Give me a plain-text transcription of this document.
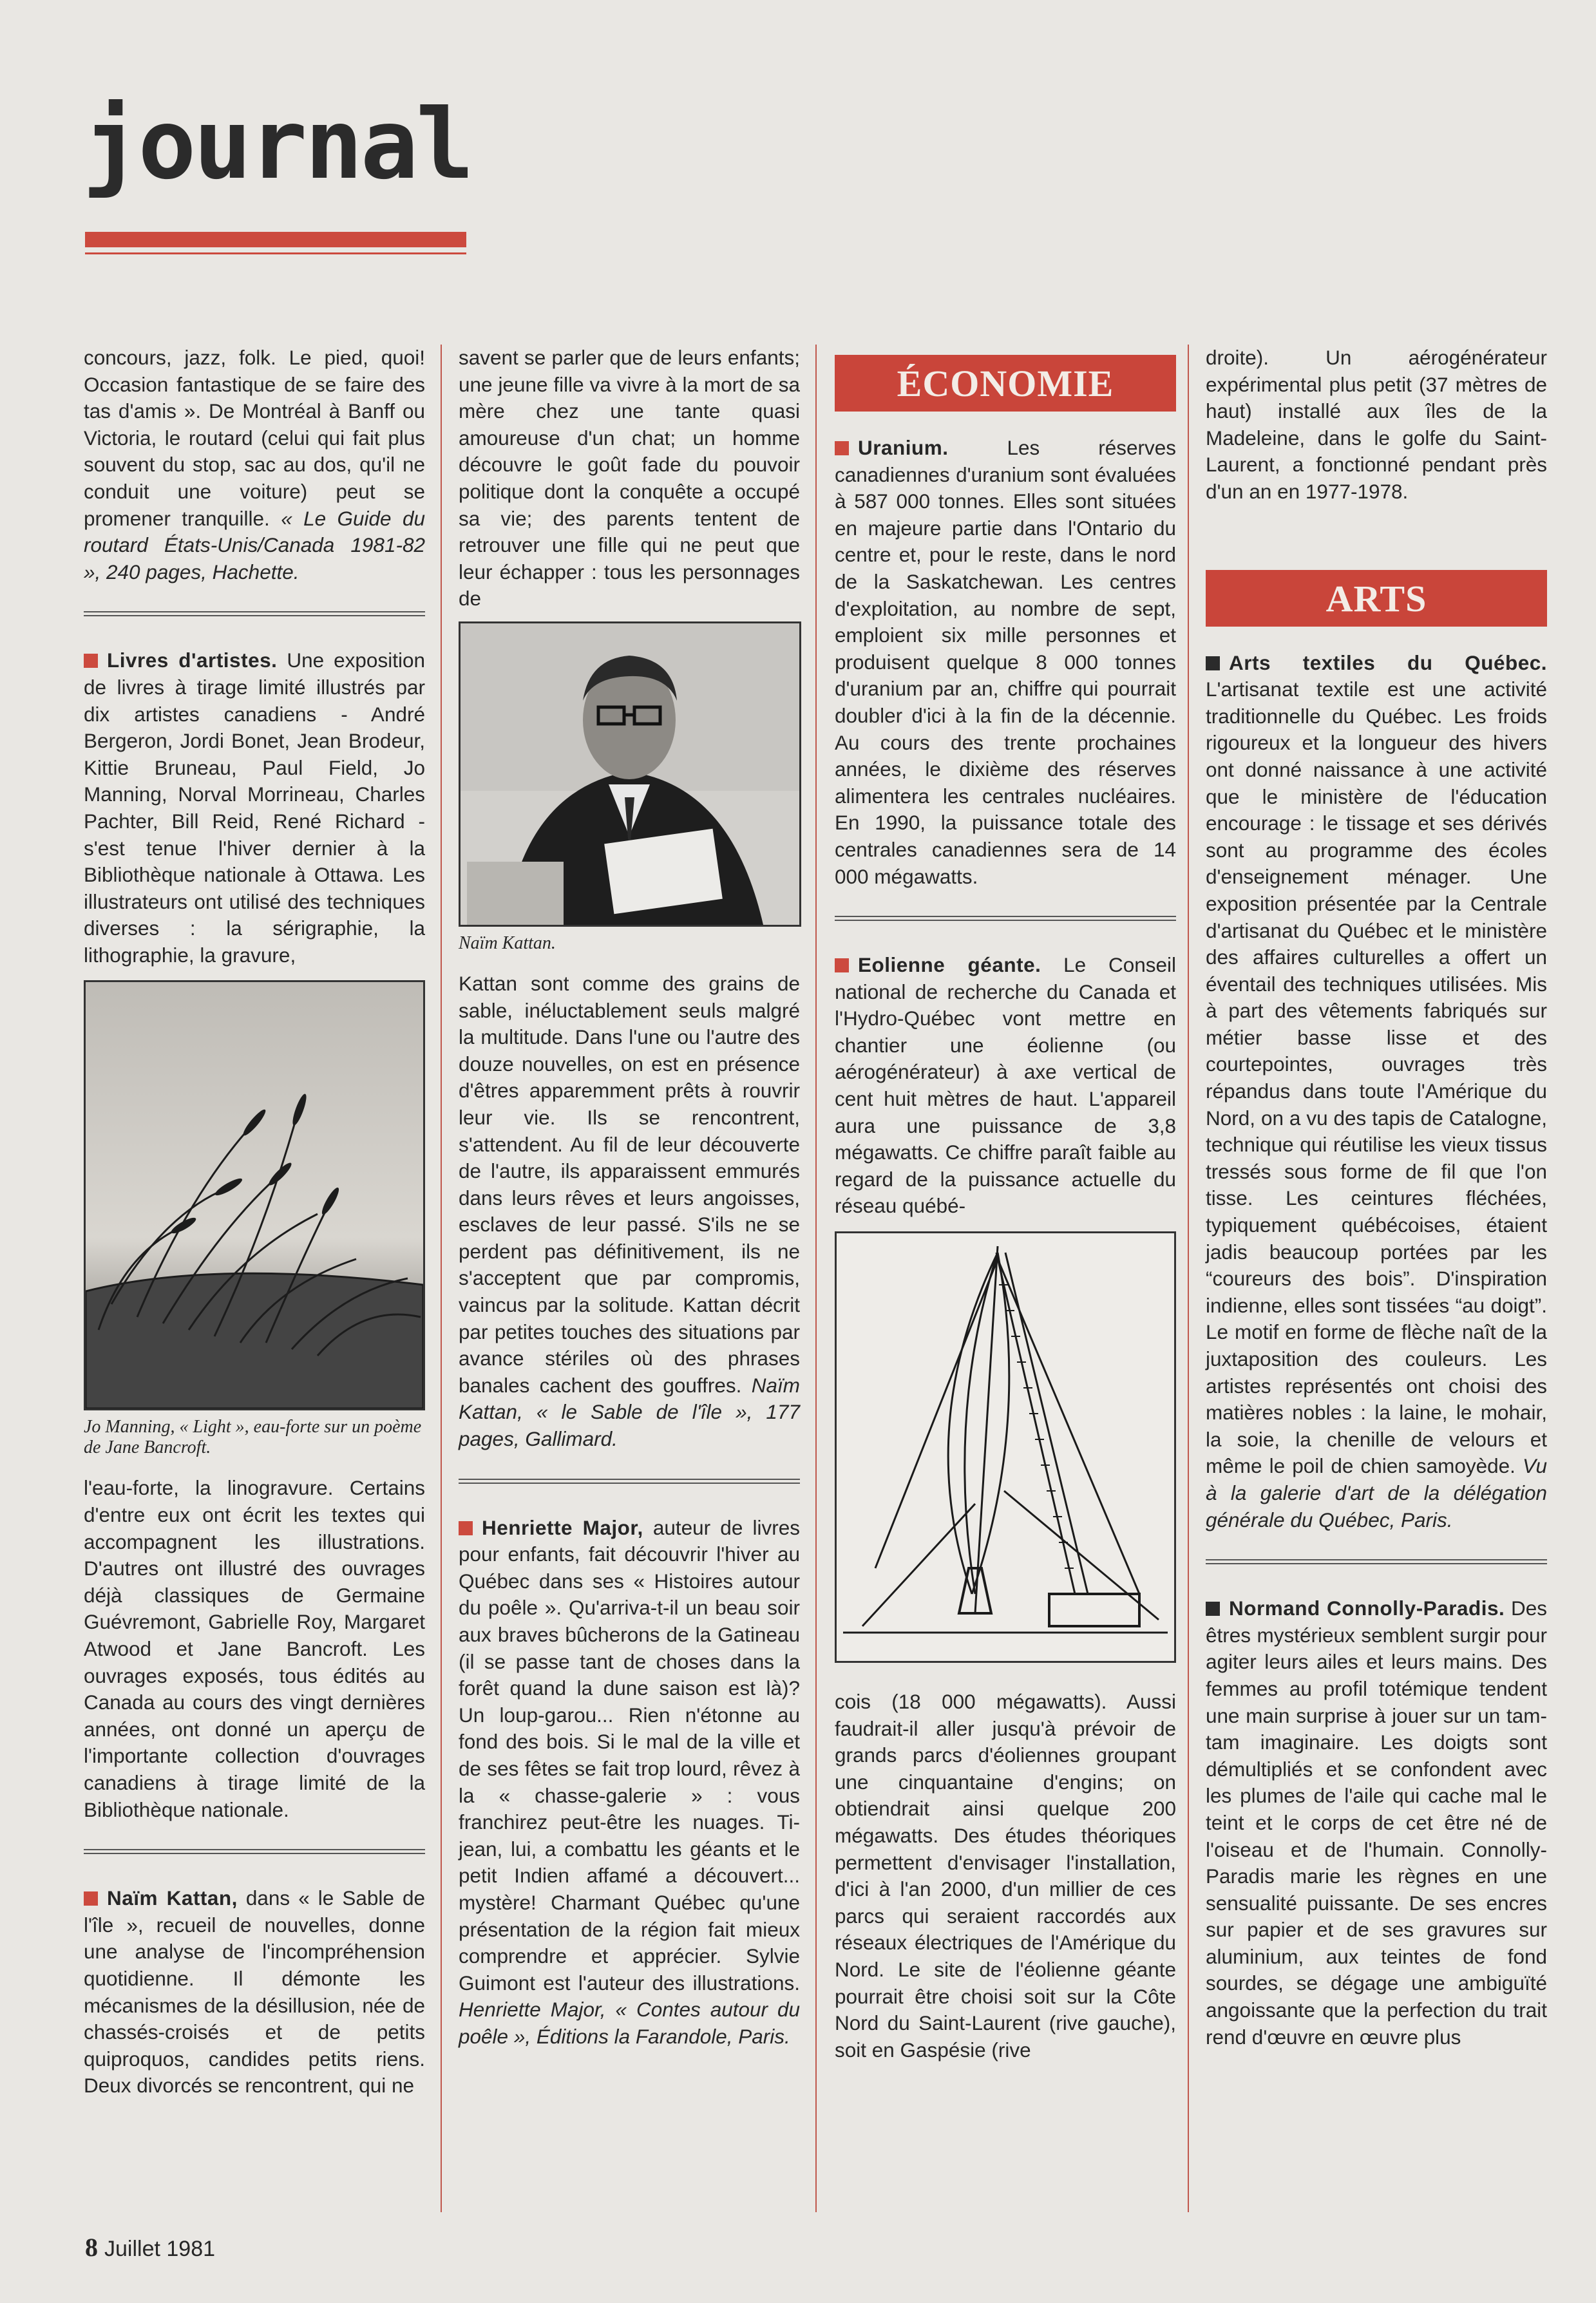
journal

concours, jazz, folk. Le pied, quoi! Occasion fantastique de se faire des tas d'amis ». De Montréal à Banff ou Victoria, le routard (celui qui fait plus souvent du stop, sac au dos, qu'il ne conduit une voiture) peut se promener tranquille. « Le Guide du routard États-Unis/Canada 1981-82 », 240 pages, Hachette.

Livres d'artistes. Une exposition de livres à tirage limité illustrés par dix artistes canadiens - André Bergeron, Jordi Bonet, Jean Brodeur, Kittie Bruneau, Paul Field, Jo Manning, Norval Morrineau, Charles Pachter, Bill Reid, René Richard - s'est tenue l'hiver dernier à la Bibliothèque nationale à Ottawa. Les illustrateurs ont utilisé des techniques diverses : la sérigraphie, la lithographie, la gravure,

Jo Manning, « Light », eau-forte sur un poème de Jane Bancroft.

l'eau-forte, la linogravure. Certains d'entre eux ont écrit les textes qui accompagnent les illustrations. D'autres ont illustré des ouvrages déjà classiques de Germaine Guévremont, Gabrielle Roy, Margaret Atwood et Jane Bancroft. Les ouvrages exposés, tous édités au Canada au cours des vingt dernières années, ont donné un aperçu de l'importante collection d'ouvrages canadiens à tirage limité de la Bibliothèque nationale.

Naïm Kattan, dans « le Sable de l'île », recueil de nouvelles, donne une analyse de l'incompréhension quotidienne. Il démonte les mécanismes de la désillusion, née de chassés-croisés et de petits quiproquos, candides petits riens. Deux divorcés se rencontrent, qui ne

savent se parler que de leurs enfants; une jeune fille va vivre à la mort de sa mère chez une tante quasi amoureuse d'un chat; un homme découvre le goût fade du pouvoir politique dont la conquête a occupé sa vie; des parents tentent de retrouver une fille qui ne peut que leur échapper : tous les personnages de

Naïm Kattan.

Kattan sont comme des grains de sable, inéluctablement seuls malgré la multitude. Dans l'une ou l'autre des douze nouvelles, on est en présence d'êtres apparemment prêts à rouvrir leur vie. Ils se rencontrent, s'attendent. Au fil de leur découverte de l'autre, ils apparaissent emmurés dans leurs rêves et leurs angoisses, esclaves de leur passé. S'ils ne se perdent pas définitivement, ils ne s'acceptent que par compromis, vaincus par la solitude. Kattan décrit par petites touches des situations par avance stériles où des phrases banales cachent des gouffres. Naïm Kattan, « le Sable de l'île », 177 pages, Gallimard.

Henriette Major, auteur de livres pour enfants, fait découvrir l'hiver au Québec dans ses « Histoires autour du poêle ». Qu'arriva-t-il un beau soir aux braves bûcherons de la Gatineau (il se passe tant de choses dans la forêt quand la dune saison est là)? Un loup-garou... Rien n'étonne au fond des bois. Si le mal de la ville et de ses fêtes se fait trop lourd, rêvez à la « chasse-galerie » : vous franchirez peut-être les nuages. Ti-jean, lui, a combattu les géants et le petit Indien affamé a découvert... mystère! Charmant Québec qu'une présentation de la région fait mieux comprendre et apprécier. Sylvie Guimont est l'auteur des illustrations. Henriette Major, « Contes autour du poêle », Éditions la Farandole, Paris.

ÉCONOMIE

Uranium.	Les réserves canadiennes d'uranium sont évaluées à 587 000 tonnes. Elles sont situées en majeure partie dans l'Ontario du centre et, pour le reste, dans le nord de la Saskatchewan. Les centres d'exploitation, au nombre de sept, emploient six mille personnes et produisent quelque 8 000 tonnes d'uranium par an, chiffre qui pourrait doubler d'ici à la fin de la décennie. Au cours des trente prochaines années, le dixième des réserves alimentera les centrales nucléaires. En 1990, la puissance totale des centrales canadiennes sera de 14 000 mégawatts.

Eolienne géante. Le Conseil national de recherche du Canada et l'Hydro-Québec vont mettre en chantier une éolienne (ou aérogénérateur) à axe vertical de cent huit mètres de haut. L'appareil aura une puissance de 3,8 mégawatts. Ce chiffre paraît faible au regard de la puissance actuelle du réseau québé-

cois (18 000 mégawatts). Aussi faudrait-il aller jusqu'à prévoir de grands parcs d'éoliennes groupant une cinquantaine d'engins; on obtiendrait ainsi quelque 200 mégawatts. Des études théoriques permettent d'envisager l'installation, d'ici à l'an 2000, d'un millier de ces parcs qui seraient raccordés aux réseaux électriques de l'Amérique du Nord. Le site de l'éolienne géante pourrait être choisi soit sur la Côte Nord du Saint-Laurent (rive gauche), soit en Gaspésie (rive

droite). Un aérogénérateur expérimental plus petit (37 mètres de haut) installé aux îles de la Madeleine, dans le golfe du Saint-Laurent, a fonctionné pendant près d'un an en 1977-1978.

ARTS

Arts textiles du Québec. L'artisanat textile est une activité traditionnelle du Québec. Les froids rigoureux et la longueur des hivers ont donné naissance à une activité que le ministère de l'éducation encourage : le tissage et ses dérivés sont au programme des écoles d'enseignement ménager. Une exposition présentée par la Centrale d'artisanat du Québec et le ministère des affaires culturelles a offert un éventail des techniques utilisées. Mis à part des vêtements fabriqués sur métier basse lisse et des courtepointes, ouvrages très répandus dans toute l'Amérique du Nord, on a vu des tapis de Catalogne, technique qui réutilise les vieux tissus tressés sous forme de fil que l'on tisse. Les ceintures fléchées, typiquement québécoises, étaient jadis beaucoup portées par les “coureurs des bois”. D'inspiration indienne, elles sont tissées “au doigt”. Le motif en forme de flèche naît de la juxtaposition des couleurs. Les artistes représentés ont choisi des matières nobles : la laine, le mohair, la soie, la chenille de velours et même le poil de chien samoyède. Vu à la galerie d'art de la délégation générale du Québec, Paris.

Normand Connolly-Paradis. Des êtres mystérieux semblent surgir pour agiter leurs ailes et leurs mains. Des femmes au profil totémique tendent une main surprise à jouer sur un tam-tam imaginaire. Les doigts sont démultipliés et se confondent avec les plumes de l'aile qui cache mal le teint et le corps de cet être né de l'oiseau et de l'humain. Connolly-Paradis marie les règnes en une sensualité puissante. De ses encres sur papier et de ses gravures sur aluminium, aux teintes de fond sourdes, se dégage une ambiguïté angoissante que la perfection du trait rend d'œuvre en œuvre plus

8 Juillet 1981
